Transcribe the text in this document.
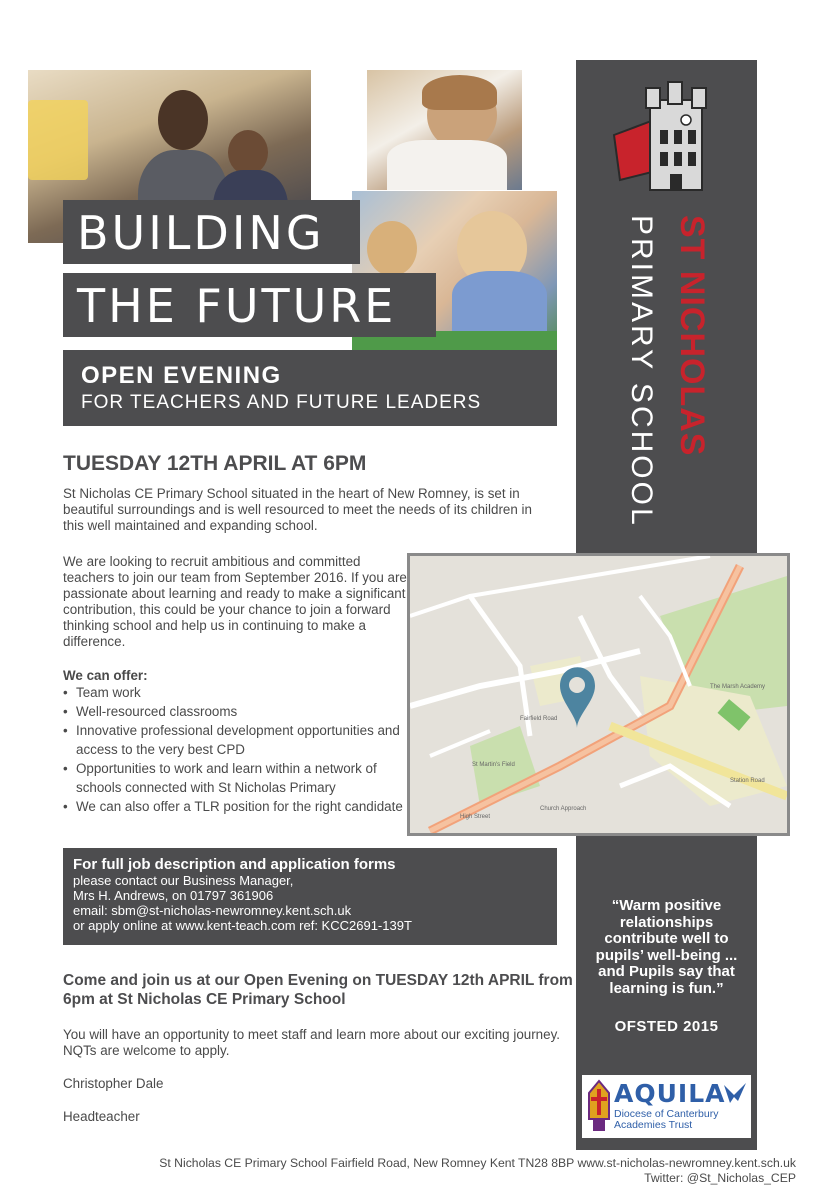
BUILDING
THE FUTURE
OPEN EVENING
FOR TEACHERS AND FUTURE LEADERS	ST NICHOLAS
PRIMARY SCHOOL
“Warm positive relationships contribute well to pupils’ well-being ... and Pupils say that learning is fun.”
OFSTED 2015
AQUILA
Diocese of Canterbury
Academies Trust
The Marsh Academy
St Martin's Field
High Street
Station Road
Fairfield Road
Church Approach
TUESDAY 12TH APRIL AT 6PM

St Nicholas CE Primary School situated in the heart of New Romney, is set in beautiful surroundings and is well resourced to meet the needs of its children in this well maintained and expanding school.

We are looking to recruit ambitious and committed teachers to join our team from September 2016. If you are passionate about learning and ready to make a significant contribution, this could be your chance to join a forward thinking school and help us in continuing to make a difference.

We can offer:
• Team work
• Well-resourced classrooms
• Innovative professional development opportunities and access to the very best CPD
• Opportunities to work and learn within a network of schools connected with St Nicholas Primary
• We can also offer a TLR position for the right candidate
For full job description and application forms
please contact our Business Manager,
Mrs H. Andrews, on 01797 361906
email: sbm@st-nicholas-newromney.kent.sch.uk
or apply online at www.kent-teach.com ref: KCC2691-139T
Come and join us at our Open Evening on TUESDAY 12th APRIL from 6pm at St Nicholas CE Primary School

You will have an opportunity to meet staff and learn more about our exciting journey. NQTs are welcome to apply.

Christopher Dale

Headteacher

St Nicholas CE Primary School Fairfield Road, New Romney Kent TN28 8BP www.st-nicholas-newromney.kent.sch.uk
Twitter: @St_Nicholas_CEP
